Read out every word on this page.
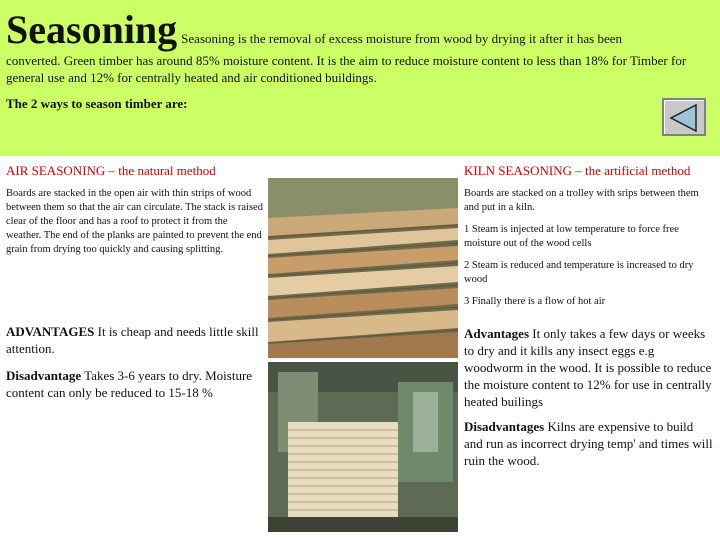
Seasoning Seasoning is the removal of excess moisture from wood by drying it after it has been
converted. Green timber has around 85% moisture content. It is the aim to reduce moisture content to less than 18% for Timber for general use and 12% for centrally heated and air conditioned buildings.
The 2 ways to season timber are:
AIR SEASONING – the natural method
Boards are stacked in the open air with thin strips of wood between them so that the air can circulate. The stack is raised clear of the floor and has a roof to protect it from the weather. The end of the planks are painted to prevent the end grain from drying too quickly and causing splitting.
ADVANTAGES It is cheap and needs little skill attention.
Disadvantage Takes 3-6 years to dry. Moisture content can only be reduced to 15-18 %
KILN SEASONING – the artificial method
Boards are stacked on a trolley with srips between them and put in a kiln.
1 Steam is injected at low temperature to force free moisture out of the wood cells
2 Steam is reduced and temperature is increased to dry wood
3 Finally there is a flow of hot air
Advantages It only takes a few days or weeks to dry and it kills any insect eggs e.g woodworm in the wood. It is possible to reduce the moisture content to 12% for use in centrally heated builings
Disadvantages Kilns are expensive to build and run as incorrect drying temp' and times will ruin the wood.
